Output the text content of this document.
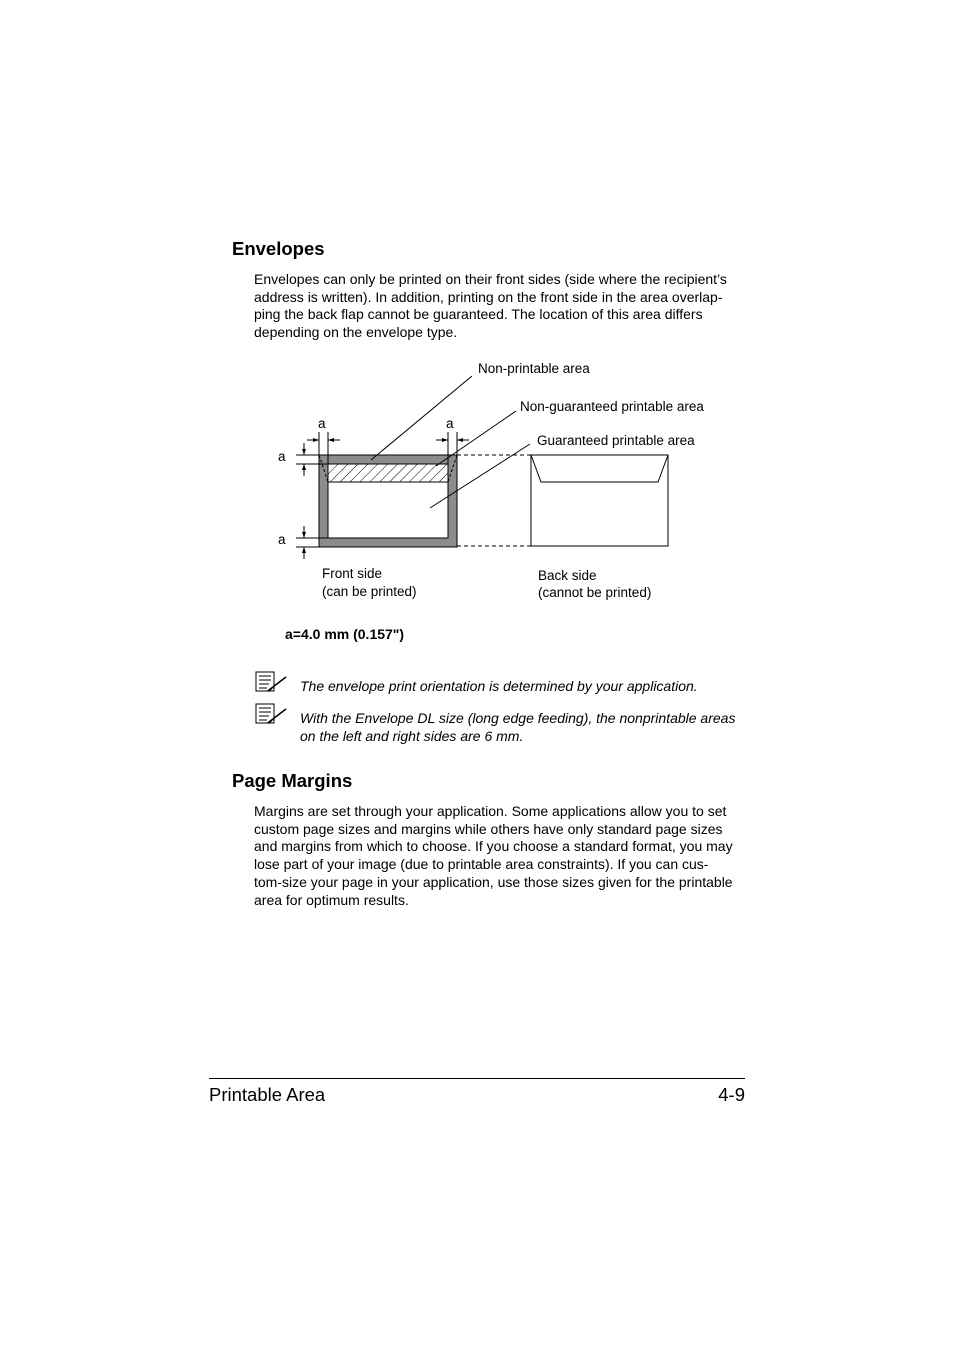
Envelopes

Envelopes can only be printed on their front sides (side where the recipient’s

address is written). In addition, printing on the front side in the area overlap-

ping the back flap cannot be guaranteed. The location of this area differs

depending on the envelope type.

Non-printable area
Non-guaranteed printable area
Guaranteed printable area
a	a
a
a
Front side
(can be printed)
Back side
(cannot be printed)
a=4.0 mm (0.157")
The envelope print orientation is determined by your application.
With the Envelope DL size (long edge feeding), the nonprintable areas
on the left and right sides are 6 mm.
Page Margins

Margins are set through your application. Some applications allow you to set

custom page sizes and margins while others have only standard page sizes

and margins from which to choose. If you choose a standard format, you may

lose part of your image (due to printable area constraints). If you can cus-

tom-size your page in your application, use those sizes given for the printable

area for optimum results.

Printable Area	4-9
